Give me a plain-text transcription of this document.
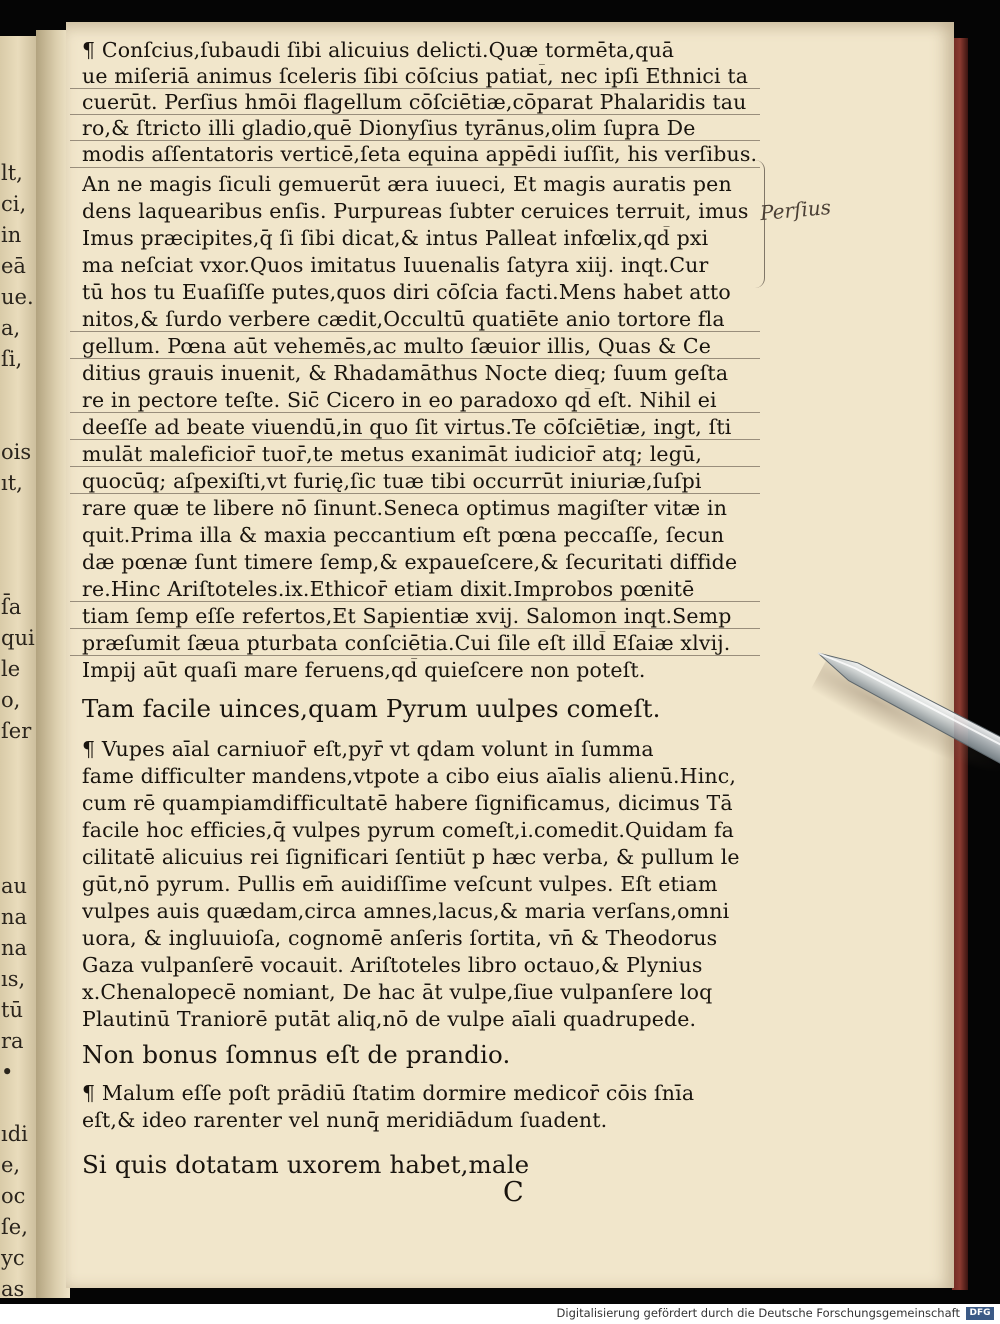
lt,
ci,
in
eā
ue.
a,
ſi,
ois
ıt,
ſ̄a
qui
le
o,
ſer
au
na
na
ıs,
tū
ra
•
ıdi
e,
oc
ſe,
yc
as
¶ Conſcius,ſubaudi ſibi alicuius delicti.Quæ tormēta,quā
ue miſeriā animus ſceleris ſibi cōſcius patiat̄, nec ipſi Ethnici ta
cuerūt. Perſius hmōi flagellum cōſciētiæ,cōparat Phalaridis tau
ro,& ſtricto illi gladio,quē Dionyſius tyrānus,olim ſupra De
modis aſſentatoris verticē,ſeta equina appēdi iuſſit, his verſibus.
An ne magis ſiculi gemuerūt æra iuueci, Et magis auratis pen
dens laquearibus enſis. Purpureas ſubter ceruices terruit, imus
Imus præcipites,q̄ ſi ſibi dicat,& intus Palleat infœlix,qd̄ pxi
ma neſciat vxor.Quos imitatus Iuuenalis ſatyra xiij. inqt.Cur
tū hos tu Euaſiſſe putes,quos diri cōſcia facti.Mens habet atto
nitos,& ſurdo verbere cædit,Occultū quatiēte anio tortore fla
gellum. Pœna aūt vehemēs,ac multo ſæuior illis, Quas & Ce
ditius grauis inuenit, & Rhadamāthus Nocte dieq; ſuum geſta
re in pectore teſte. Sic̄ Cicero in eo paradoxo qd̄ eſt. Nihil ei
deeſſe ad beate viuendū,in quo ſit virtus.Te cōſciētiæ, ingt, ſti
mulāt maleficior̄ tuor̄,te metus exanimāt iudicior̄ atq; legū,
quocūq; aſpexiſti,vt furię,ſic tuæ tibi occurrūt iniuriæ,ſuſpi
rare quæ te libere nō ſinunt.Seneca optimus magiſter vitæ in
quit.Prima illa & maxia peccantium eſt pœna peccaſſe, ſecun
dæ pœnæ ſunt timere ſemp,& expaueſcere,& ſecuritati diffide
re.Hinc Ariſtoteles.ix.Ethicor̄ etiam dixit.Improbos pœnitē
tiam ſemp eſſe refertos,Et Sapientiæ xvij. Salomon inqt.Semp
præſumit ſæua pturbata conſciētia.Cui ſile eſt illd̄ Eſaiæ xlvij.
Impij aūt quaſi mare feruens,qd̄ quieſcere non poteſt.
Tam facile uinces,quam Pyrum uulpes comeſt.
¶ Vupes aīal carniuor̄ eſt,pyr̄ vt qdam volunt in ſumma
fame difficulter mandens,vtpote a cibo eius aīalis alienū.Hinc,
cum rē quampiamdifficultatē habere ſignificamus, dicimus Tā
facile hoc efficies,q̄ vulpes pyrum comeſt,i.comedit.Quidam fa
cilitatē alicuius rei ſignificari ſentiūt p hæc verba, & pullum le
gūt,nō pyrum. Pullis em̄ auidiſſime veſcunt vulpes. Eſt etiam
vulpes auis quædam,circa amnes,lacus,& maria verſans,omni
uora, & ingluuioſa, cognomē anſeris ſortita, vn̄ & Theodorus
Gaza vulpanſerē vocauit. Ariſtoteles libro octauo,& Plynius
x.Chenalopecē nomiant, De hac āt vulpe,ſiue vulpanſere loq
Plautinū Traniorē putāt aliq,nō de vulpe aīali quadrupede.
Non bonus ſomnus eſt de prandio.
¶ Malum eſſe poſt prādiū ſtatim dormire medicor̄ cōis ſnīa
eſt,& ideo rarenter vel nunq̄ meridiādum ſuadent.
Si quis dotatam uxorem habet,male
C
Perſius
Digitalisierung gefördert durch die Deutsche Forschungsgemeinschaft	DFG
